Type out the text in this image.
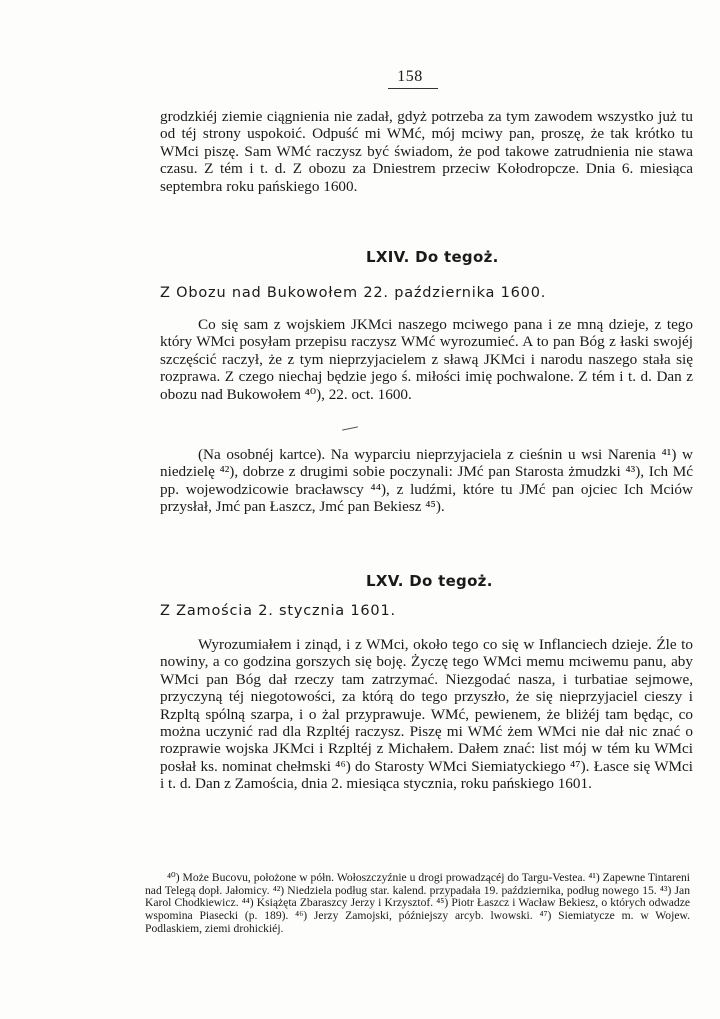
158

grodzkiéj ziemie ciągnienia nie zadał, gdyż potrzeba za tym zawodem wszystko już tu od téj strony uspokoić. Odpuść mi WMć, mój mciwy pan, proszę, że tak krótko tu WMci piszę. Sam WMć raczysz być świadom, że pod takowe zatrudnienia nie stawa czasu. Z tém i t. d. Z obozu za Dniestrem przeciw Kołodropcze. Dnia 6. miesiąca septembra roku pańskiego 1600.

LXIV. Do tegoż.
Z Obozu nad Bukowołem 22. października 1600.

Co się sam z wojskiem JKMci naszego mciwego pana i ze mną dzieje, z tego który WMci posyłam przepisu raczysz WMć wyrozumieć. A to pan Bóg z łaski swojéj szczęścić raczył, że z tym nieprzyjacielem z sławą JKMci i narodu naszego stała się rozprawa. Z czego niechaj będzie jego ś. miłości imię pochwalone. Z tém i t. d. Dan z obozu nad Bukowołem ⁴⁰), 22. oct. 1600.

(Na osobnéj kartce). Na wyparciu nieprzyjaciela z cieśnin u wsi Narenia ⁴¹) w niedzielę ⁴²), dobrze z drugimi sobie poczynali: JMć pan Starosta żmudzki ⁴³), Ich Mć pp. wojewodzicowie bracławscy ⁴⁴), z ludźmi, które tu JMć pan ojciec Ich Mciów przysłał, Jmć pan Łaszcz, Jmć pan Bekiesz ⁴⁵).

LXV. Do tegoż.
Z Zamościa 2. stycznia 1601.

Wyrozumiałem i zinąd, i z WMci, około tego co się w Inflanciech dzieje. Źle to nowiny, a co godzina gorszych się boję. Życzę tego WMci memu mciwemu panu, aby WMci pan Bóg dał rzeczy tam zatrzymać. Niezgodać nasza, i turbatiae sejmowe, przyczyną téj niegotowości, za którą do tego przyszło, że się nieprzyjaciel cieszy i Rzpltą spólną szarpa, i o żal przyprawuje. WMć, pewienem, że bliżéj tam będąc, co można uczynić rad dla Rzpltéj raczysz. Piszę mi WMć żem WMci nie dał nic znać o rozprawie wojska JKMci i Rzpltéj z Michałem. Dałem znać: list mój w tém ku WMci posłał ks. nominat chełmski ⁴⁶) do Starosty WMci Siemiatyckiego ⁴⁷). Łasce się WMci i t. d. Dan z Zamościa, dnia 2. miesiąca stycznia, roku pańskiego 1601.

⁴⁰) Może Bucovu, położone w półn. Wołoszczyźnie u drogi prowadzącéj do Targu-Vestea. ⁴¹) Zapewne Tintareni nad Telegą dopł. Jałomicy. ⁴²) Niedziela podług star. kalend. przypadała 19. października, podług nowego 15. ⁴³) Jan Karol Chodkiewicz. ⁴⁴) Książęta Zbaraszcy Jerzy i Krzysztof. ⁴⁵) Piotr Łaszcz i Wacław Bekiesz, o których odwadze wspomina Piasecki (p. 189). ⁴⁶) Jerzy Zamojski, późniejszy arcyb. lwowski. ⁴⁷) Siemiatycze m. w Wojew. Podlaskiem, ziemi drohickiéj.
